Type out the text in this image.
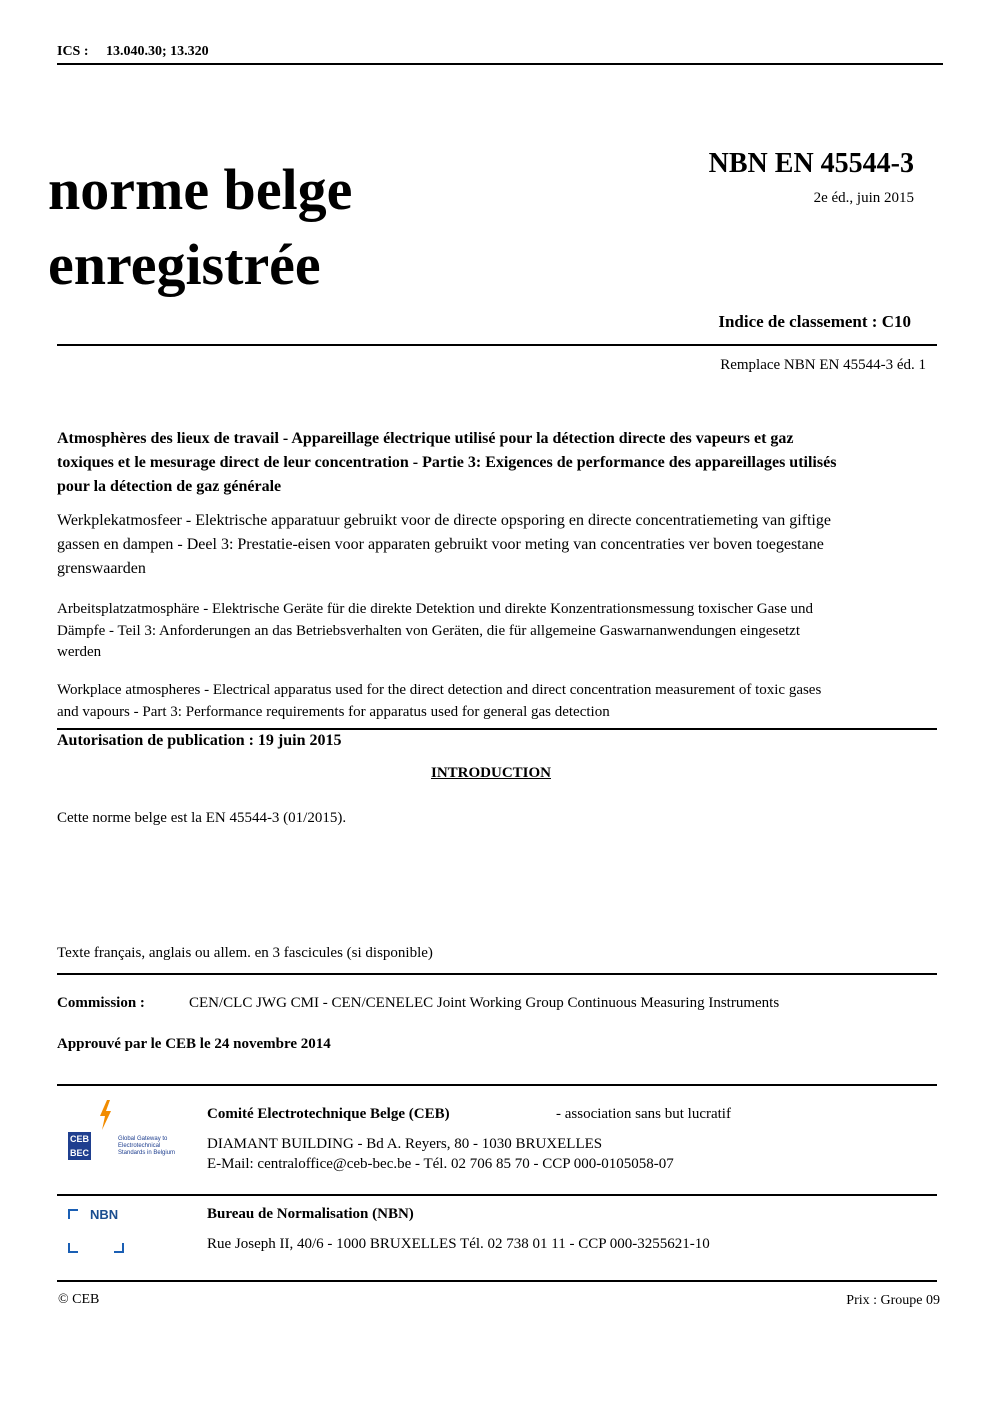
ICS : 13.040.30; 13.320
norme belge
enregistrée
NBN EN 45544-3
2e éd., juin 2015
Indice de classement : C10
Remplace NBN EN 45544-3 éd. 1
Atmosphères des lieux de travail - Appareillage électrique utilisé pour la détection directe des vapeurs et gaz toxiques et le mesurage direct de leur concentration - Partie 3: Exigences de performance des appareillages utilisés pour la détection de gaz générale
Werkplekatmosfeer - Elektrische apparatuur gebruikt voor de directe opsporing en directe concentratiemeting van giftige gassen en dampen - Deel 3: Prestatie-eisen voor apparaten gebruikt voor meting van concentraties ver boven toegestane grenswaarden
Arbeitsplatzatmosphäre - Elektrische Geräte für die direkte Detektion und direkte Konzentrationsmessung toxischer Gase und Dämpfe - Teil 3: Anforderungen an das Betriebsverhalten von Geräten, die für allgemeine Gaswarnanwendungen eingesetzt werden
Workplace atmospheres - Electrical apparatus used for the direct detection and direct concentration measurement of toxic gases and vapours - Part 3: Performance requirements for apparatus used for general gas detection
Autorisation de publication : 19 juin 2015
INTRODUCTION
Cette norme belge est la EN 45544-3 (01/2015).
Texte français, anglais ou allem. en 3 fascicules (si disponible)
Commission :	CEN/CLC JWG CMI - CEN/CENELEC Joint Working Group Continuous Measuring Instruments
Approuvé par le CEB le 24 novembre 2014
CEB
BEC
Global Gateway to Electrotechnical Standards in Belgium
Comité Electrotechnique Belge (CEB)	- association sans but lucratif
DIAMANT BUILDING - Bd A. Reyers, 80 - 1030 BRUXELLES
E-Mail: centraloffice@ceb-bec.be - Tél. 02 706 85 70 - CCP 000-0105058-07
NBN	Bureau de Normalisation (NBN)
Rue Joseph II, 40/6 - 1000 BRUXELLES Tél. 02 738 01 11 - CCP 000-3255621-10
© CEB	Prix : Groupe 09
